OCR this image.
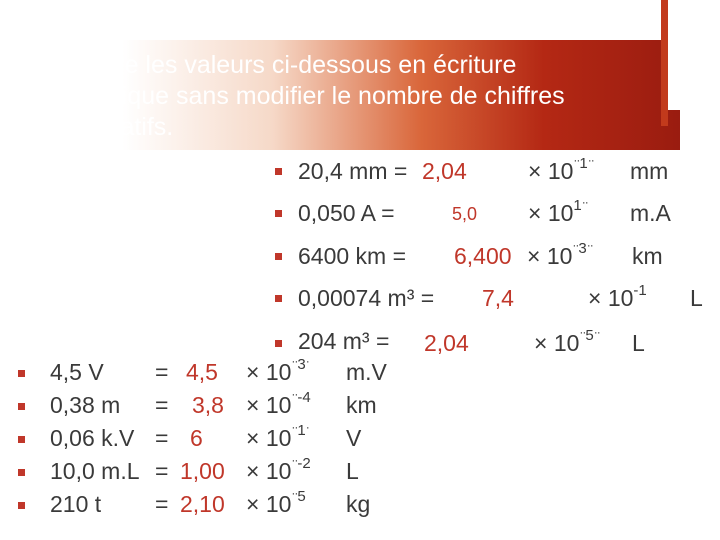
Réécrire les valeurs ci-dessous en écriture scientifique sans modifier le nombre de chiffres significatifs.
20,4 mm = 2,04	× $10^{^{\cdot\cdot}1^{\cdot\cdot}}$ mm
0,050 A =	$5,0 \times 10^{1^{\cdot\cdot}}$ m.A
6400 km = $6,400 \times 10^{^{\cdot\cdot}3^{\cdot\cdot}}$ km
0,00074 m³ = 7,4	× $10^{-1}$ L
204 m³ = 2,04	× $10^{^{\cdot\cdot}5^{\cdot\cdot}}$ L
4,5 $V = 4,5 \times 10^{^{\cdot\cdot}3^\cdot}$ m.V
0,38 $m = 3,8 \times 10^{^{\cdot\cdot}-4}$ km
0,06 $k.V = 6 \times 10^{^{\cdot\cdot}1^\cdot}$ V
10,0 $m.L = 1,00 \times 10^{^{\cdot\cdot}-2}$ L
210 $t = 2,10 \times 10^{^{\cdot\cdot}5}$ kg
